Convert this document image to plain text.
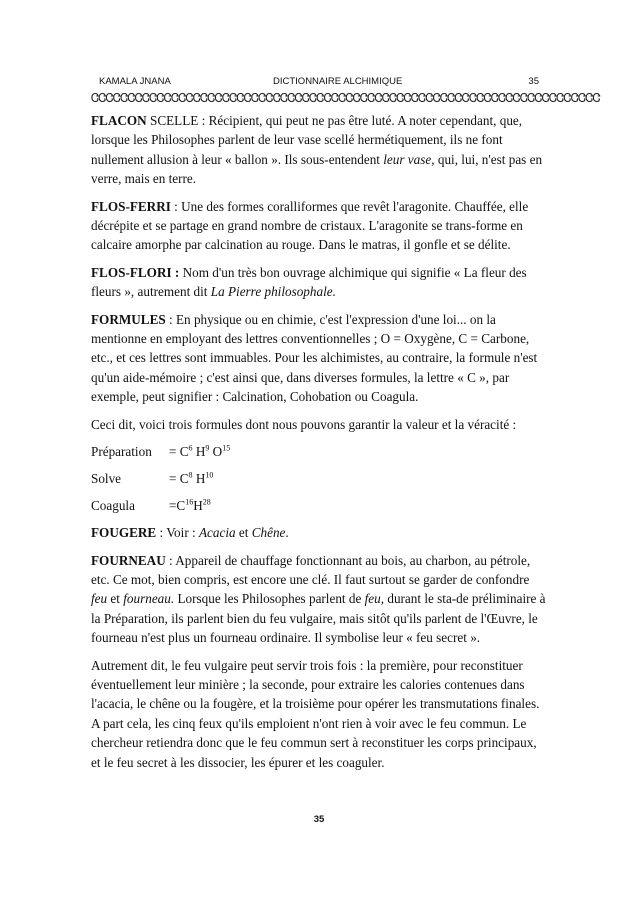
KAMALA JNANA	DICTIONNAIRE ALCHIMIQUE	35
ᏣᏣᏣᏣᏣᏣᏣᏣᏣᏣᏣᏣᏣᏣᏣᏣᏣᏣᏣᏣᏣᏣᏣᏣᏣᏣᏣᏣᏣᏣᏣᏣᏣᏣᏣᏣᏣᏣᏣᏣᏣᏣᏣᏣᏣᏣᏣᏣᏣᏣᏣᏣᏣᏣᏣᏣᏣᏣᏣᏣᏣᏣᏣᏣᏣᏣᏣᏣᏣᏣ

FLACON SCELLE : Récipient, qui peut ne pas être luté. A noter cependant, que, lorsque les Philosophes parlent de leur vase scellé hermétiquement, ils ne font nullement allusion à leur « ballon ». Ils sous-entendent leur vase, qui, lui, n'est pas en verre, mais en terre.

FLOS-FERRI : Une des formes coralliformes que revêt l'aragonite. Chauffée, elle décrépite et se partage en grand nombre de cristaux. L'aragonite se trans-forme en calcaire amorphe par calcination au rouge. Dans le matras, il gonfle et se délite.

FLOS-FLORI : Nom d'un très bon ouvrage alchimique qui signifie « La fleur des fleurs », autrement dit La Pierre philosophale.

FORMULES : En physique ou en chimie, c'est l'expression d'une loi... on la mentionne en employant des lettres conventionnelles ; O = Oxygène, C = Carbone, etc., et ces lettres sont immuables. Pour les alchimistes, au contraire, la formule n'est qu'un aide-mémoire ; c'est ainsi que, dans diverses formules, la lettre « C », par exemple, peut signifier : Calcination, Cohobation ou Coagula.

Ceci dit, voici trois formules dont nous pouvons garantir la valeur et la véracité :

Préparation = $C^6$ $H^9$ $O^{15}$
Solve	= $C^8$ $H^{10}$
Coagula	$=C^{16}H^{28}$

FOUGERE : Voir : Acacia et Chêne.

FOURNEAU : Appareil de chauffage fonctionnant au bois, au charbon, au pétrole, etc. Ce mot, bien compris, est encore une clé. Il faut surtout se garder de confondre feu et fourneau. Lorsque les Philosophes parlent de feu, durant le sta-de préliminaire à la Préparation, ils parlent bien du feu vulgaire, mais sitôt qu'ils parlent de l'Œuvre, le fourneau n'est plus un fourneau ordinaire. Il symbolise leur « feu secret ».

Autrement dit, le feu vulgaire peut servir trois fois : la première, pour reconstituer éventuellement leur minière ; la seconde, pour extraire les calories contenues dans l'acacia, le chêne ou la fougère, et la troisième pour opérer les transmutations finales. A part cela, les cinq feux qu'ils emploient n'ont rien à voir avec le feu commun. Le chercheur retiendra donc que le feu commun sert à reconstituer les corps principaux, et le feu secret à les dissocier, les épurer et les coaguler.

35
